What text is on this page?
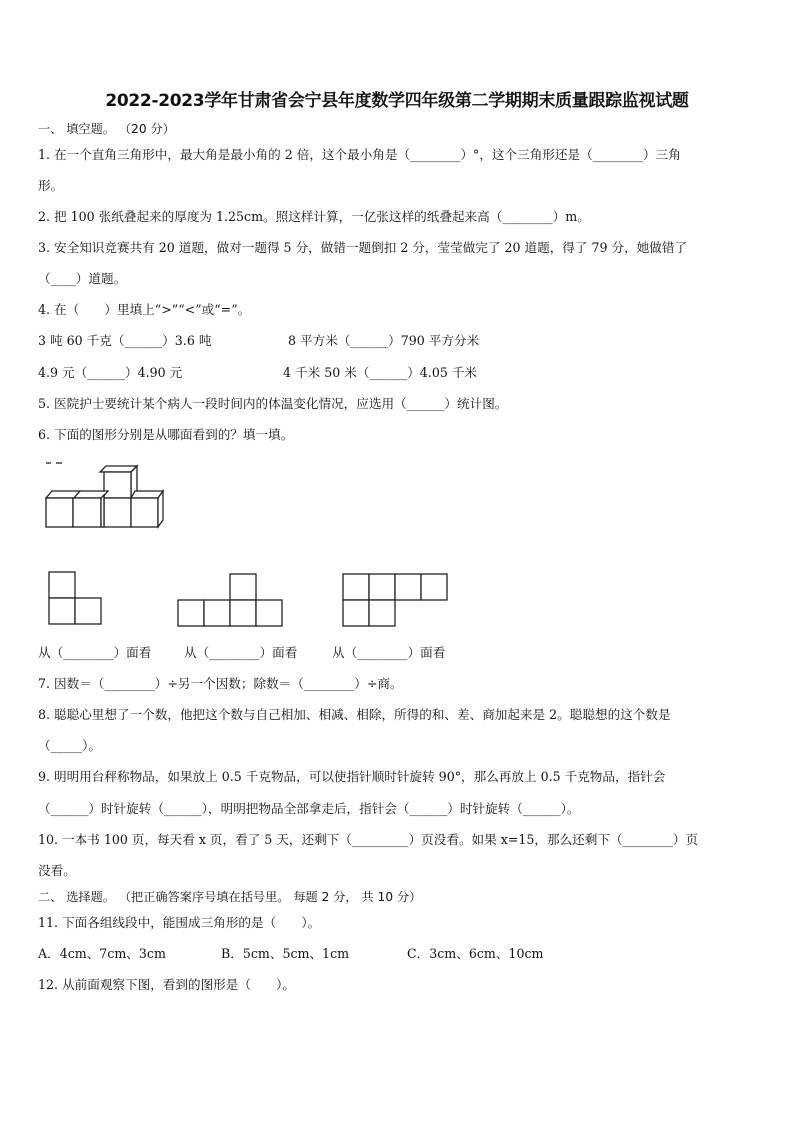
2022-2023学年甘肃省会宁县年度数学四年级第二学期期末质量跟踪监视试题
一、 填空题。 （20 分）
1. 在一个直角三角形中，最大角是最小角的 2 倍，这个最小角是（________）°，这个三角形还是（________）三角
形。
2. 把 100 张纸叠起来的厚度为 1.25cm。照这样计算，一亿张这样的纸叠起来高（________）m。
3. 安全知识竞赛共有 20 道题，做对一题得 5 分，做错一题倒扣 2 分，莹莹做完了 20 道题，得了 79 分，她做错了
（____）道题。
4. 在（　　）里填上“>”“<”或“=”。
3 吨 60 千克（______）3.6 吨	8 平方米（______）790 平方分米
4.9 元（______）4.90 元	4 千米 50 米（______）4.05 千米
5. 医院护士要统计某个病人一段时间内的体温变化情况，应选用（______）统计图。
6. 下面的图形分别是从哪面看到的？填一填。
从（________）面看	从（________）面看	从（________）面看
7. 因数＝（________）÷另一个因数；除数＝（________）÷商。
8. 聪聪心里想了一个数，他把这个数与自己相加、相减、相除，所得的和、差、商加起来是 2。聪聪想的这个数是
（_____）。
9. 明明用台秤称物品，如果放上 0.5 千克物品，可以使指针顺时针旋转 90°，那么再放上 0.5 千克物品，指针会
（______）时针旋转（______），明明把物品全部拿走后，指针会（______）时针旋转（______）。
10. 一本书 100 页，每天看 x 页，看了 5 天，还剩下（_________）页没看。如果 x=15，那么还剩下（________）页
没看。
二、 选择题。 （把正确答案序号填在括号里。 每题 2 分， 共 10 分）
11. 下面各组线段中，能围成三角形的是（　　）。
A．4cm、7cm、3cm	B．5cm、5cm、1cm	C．3cm、6cm、10cm
12. 从前面观察下图，看到的图形是（　　）。
